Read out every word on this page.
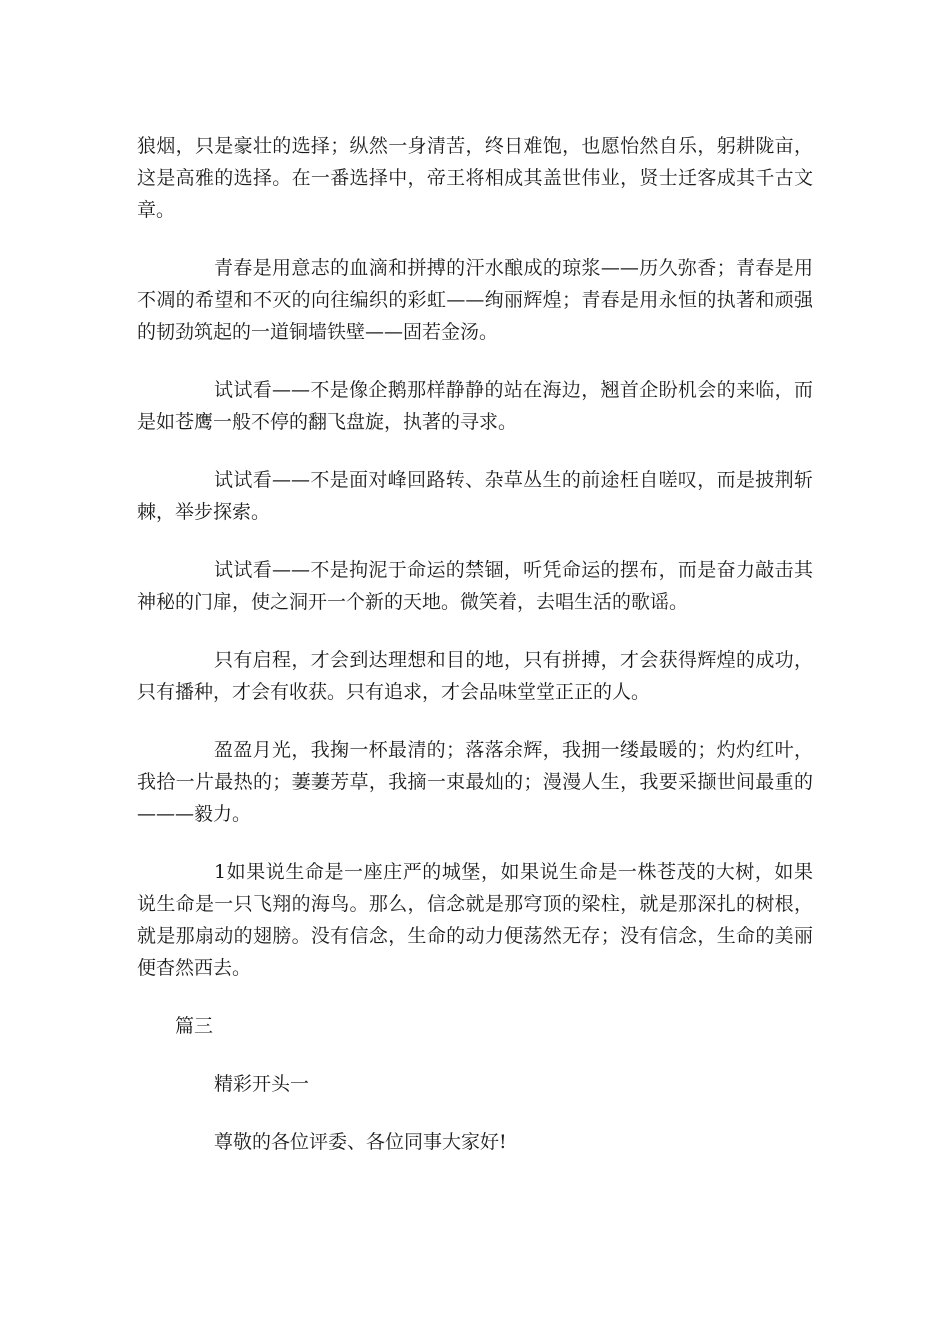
狼烟，只是豪壮的选择；纵然一身清苦，终日难饱，也愿怡然自乐，躬耕陇亩，这是高雅的选择。在一番选择中，帝王将相成其盖世伟业，贤士迁客成其千古文章。

青春是用意志的血滴和拼搏的汗水酿成的琼浆——历久弥香；青春是用不凋的希望和不灭的向往编织的彩虹——绚丽辉煌；青春是用永恒的执著和顽强的韧劲筑起的一道铜墙铁壁——固若金汤。

试试看——不是像企鹅那样静静的站在海边，翘首企盼机会的来临，而是如苍鹰一般不停的翻飞盘旋，执著的寻求。

试试看——不是面对峰回路转、杂草丛生的前途枉自嗟叹，而是披荆斩棘，举步探索。

试试看——不是拘泥于命运的禁锢，听凭命运的摆布，而是奋力敲击其神秘的门扉，使之洞开一个新的天地。微笑着，去唱生活的歌谣。

只有启程，才会到达理想和目的地，只有拼搏，才会获得辉煌的成功，只有播种，才会有收获。只有追求，才会品味堂堂正正的人。

盈盈月光，我掬一杯最清的；落落余辉，我拥一缕最暖的；灼灼红叶，我拾一片最热的；萋萋芳草，我摘一束最灿的；漫漫人生，我要采撷世间最重的———毅力。

1如果说生命是一座庄严的城堡，如果说生命是一株苍茂的大树，如果说生命是一只飞翔的海鸟。那么，信念就是那穹顶的梁柱，就是那深扎的树根，就是那扇动的翅膀。没有信念，生命的动力便荡然无存；没有信念，生命的美丽便杳然西去。

篇三
精彩开头一
尊敬的各位评委、各位同事大家好!
